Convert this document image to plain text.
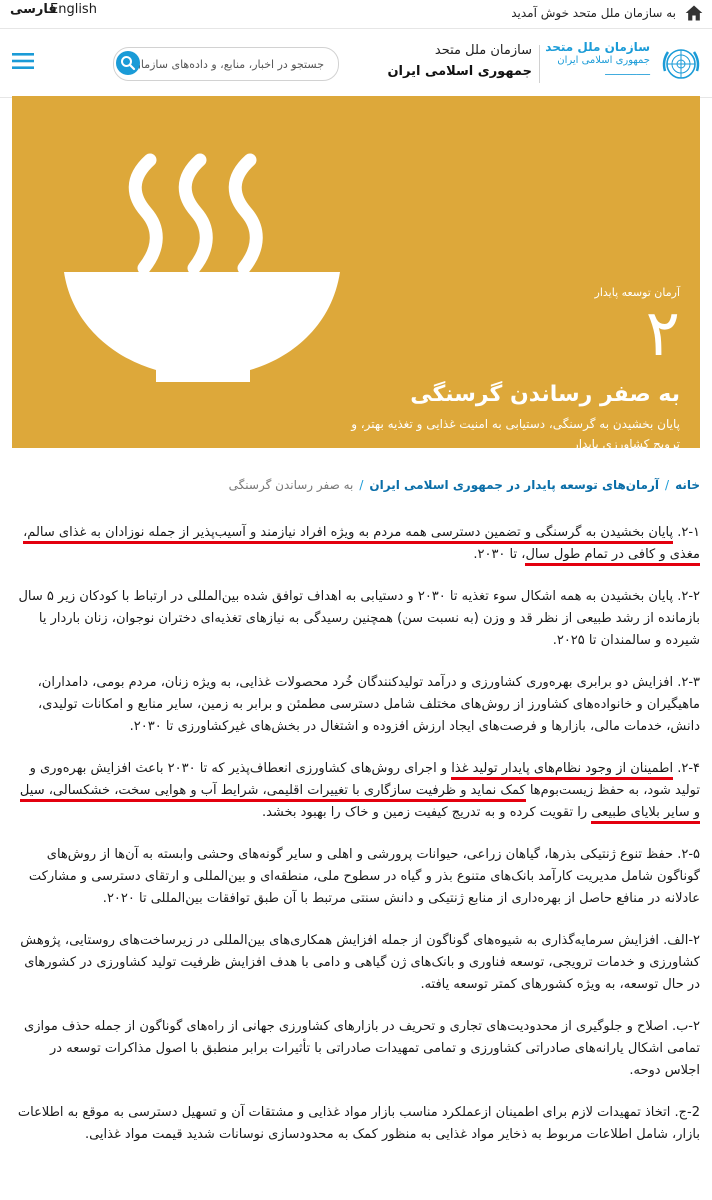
به سازمان ملل متحد خوش آمدید
فارسی
English
سازمان ملل متحد
جمهوری اسلامی ایران
ـــــــــــــــــ
سازمان ملل متحد
جمهوری اسلامی ایران
جستجو در اخبار، منابع، و داده‌های سازمان
آرمان توسعه پایدار
۲
به صفر رساندن گرسنگی
پایان بخشیدن به گرسنگی، دستیابی به امنیت غذایی و تغذیه بهتر، و ترویج کشاورزی پایدار
خانه/آرمان‌های توسعه پایدار در جمهوری اسلامی ایران/به صفر رساندن گرسنگی

۲-۱. پایان بخشیدن به گرسنگی و تضمین دسترسی همه مردم به ویژه افراد نیازمند و آسیب‌پذیر از جمله نوزادان به غذای سالم، مغذی و کافی در تمام طول سال، تا ۲۰۳۰.

۲-۲. پایان بخشیدن به همه اشکال سوء تغذیه تا ۲۰۳۰ و دستیابی به اهداف توافق شده بین‌المللی در ارتباط با کودکان زیر ۵ سال بازمانده از رشد طبیعی از نظر قد و وزن (به نسبت سن) همچنین رسیدگی به نیازهای تغذیه‌ای دختران نوجوان، زنان باردار یا شیرده و سالمندان تا ۲۰۲۵.

۲-۳. افزایش دو برابری بهره‌وری کشاورزی و درآمد تولیدکنندگان خُرد محصولات غذایی، به ویژه زنان، مردم بومی، دامداران، ماهیگیران و خانواده‌های کشاورز از روش‌های مختلف شامل دسترسی مطمئن و برابر به زمین، سایر منابع و امکانات تولیدی، دانش، خدمات مالی، بازارها و فرصت‌های ایجاد ارزش افزوده و اشتغال در بخش‌های غیرکشاورزی تا ۲۰۳۰.

۲-۴. اطمینان از وجود نظام‌های پایدار تولید غذا و اجرای روش‌های کشاورزی انعطاف‌پذیر که تا ۲۰۳۰ باعث افزایش بهره‌وری و تولید شود، به حفظ زیست‌بوم‌ها کمک نماید و ظرفیت سازگاری با تغییرات اقلیمی، شرایط آب و هوایی سخت، خشکسالی، سیل و سایر بلایای طبیعی را تقویت کرده و به تدریج کیفیت زمین و خاک را بهبود بخشد.

۲-۵. حفظ تنوع ژنتیکی بذرها، گیاهان زراعی، حیوانات پرورشی و اهلی و سایر گونه‌های وحشی وابسته به آن‌ها از روش‌های گوناگون شامل مدیریت کارآمد بانک‌های متنوع بذر و گیاه در سطوح ملی، منطقه‌ای و بین‌المللی و ارتقای دسترسی و مشارکت عادلانه در منافع حاصل از بهره‌داری از منابع ژنتیکی و دانش سنتی مرتبط با آن طبق توافقات بین‌المللی تا ۲۰۲۰.

۲-الف. افزایش سرمایه‌گذاری به شیوه‌های گوناگون از جمله افزایش همکاری‌های بین‌المللی در زیرساخت‌های روستایی، پژوهش کشاورزی و خدمات ترویجی، توسعه فناوری و بانک‌های ژن گیاهی و دامی با هدف افزایش ظرفیت تولید کشاورزی در کشورهای در حال توسعه، به ویژه کشورهای کمتر توسعه یافته.

۲-ب. اصلاح و جلوگیری از محدودیت‌های تجاری و تحریف در بازارهای کشاورزی جهانی از راه‌های گوناگون از جمله حذف موازی تمامی اشکال یارانه‌های صادراتی کشاورزی و تمامی تمهیدات صادراتی با تأثیرات برابر منطبق با اصول مذاکرات توسعه در اجلاس دوحه.

2-ج. اتخاذ تمهیدات لازم برای اطمینان ازعملکرد مناسب بازار مواد غذایی و مشتقات آن و تسهیل دسترسی به موقع به اطلاعات بازار، شامل اطلاعات مربوط به ذخایر مواد غذایی به منظور کمک به محدودسازی نوسانات شدید قیمت مواد غذایی.
